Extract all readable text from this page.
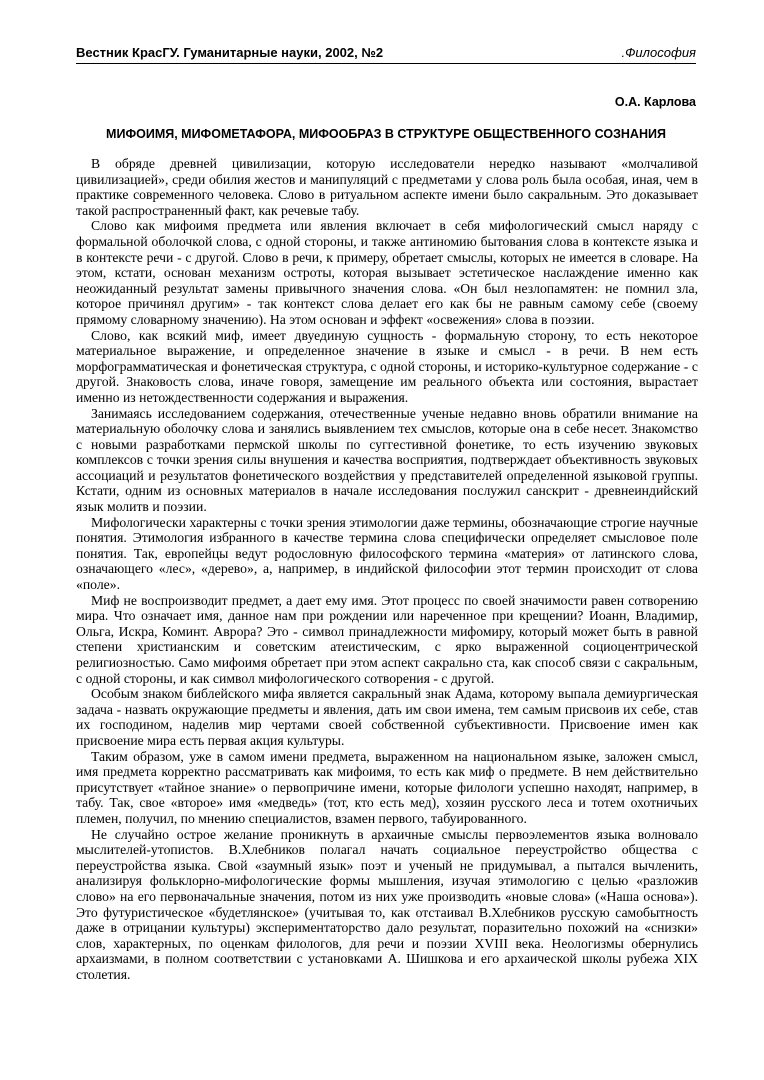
Вестник КрасГУ. Гуманитарные науки, 2002, №2	.Философия
О.А. Карлова
МИФОИМЯ, МИФОМЕТАФОРА, МИФООБРАЗ В СТРУКТУРЕ ОБЩЕСТВЕННОГО СОЗНАНИЯ

В обряде древней цивилизации, которую исследователи нередко называют «молчаливой цивилизацией», среди обилия жестов и манипуляций с предметами у слова роль была особая, иная, чем в практике современного человека. Слово в ритуальном аспекте имени было сакральным. Это доказывает такой распространенный факт, как речевые табу.

Слово как мифоимя предмета или явления включает в себя мифологический смысл наряду с формальной оболочкой слова, с одной стороны, и также антиномию бытования слова в контексте языка и в контексте речи - с другой. Слово в речи, к примеру, обретает смыслы, которых не имеется в словаре. На этом, кстати, основан механизм остроты, которая вызывает эстетическое наслаждение именно как неожиданный результат замены привычного значения слова. «Он был незлопамятен: не помнил зла, которое причинял другим» - так контекст слова делает его как бы не равным самому себе (своему прямому словарному значению). На этом основан и эффект «освежения» слова в поэзии.

Слово, как всякий миф, имеет двуединую сущность - формальную сторону, то есть некоторое материальное выражение, и определенное значение в языке и смысл - в речи. В нем есть морфограмматическая и фонетическая структура, с одной стороны, и историко-культурное содержание - с другой. Знаковость слова, иначе говоря, замещение им реального объекта или состояния, вырастает именно из нетождественности содержания и выражения.

Занимаясь исследованием содержания, отечественные ученые недавно вновь обратили внимание на материальную оболочку слова и занялись выявлением тех смыслов, которые она в себе несет. Знакомство с новыми разработками пермской школы по суггестивной фонетике, то есть изучению звуковых комплексов с точки зрения силы внушения и качества восприятия, подтверждает объективность звуковых ассоциаций и результатов фонетического воздействия у представителей определенной языковой группы. Кстати, одним из основных материалов в начале исследования послужил санскрит - древнеиндийский язык молитв и поэзии.

Мифологически характерны с точки зрения этимологии даже термины, обозначающие строгие научные понятия. Этимология избранного в качестве термина слова специфически определяет смысловое поле понятия. Так, европейцы ведут родословную философского термина «материя» от латинского слова, означающего «лес», «дерево», а, например, в индийской философии этот термин происходит от слова «поле».

Миф не воспроизводит предмет, а дает ему имя. Этот процесс по своей значимости равен сотворению мира. Что означает имя, данное нам при рождении или нареченное при крещении? Иоанн, Владимир, Ольга, Искра, Коминт. Аврора? Это - символ принадлежности мифомиру, который может быть в равной степени христианским и советским атеистическим, с ярко выраженной социоцентрической религиозностью. Само мифоимя обретает при этом аспект сакрально ста, как способ связи с сакральным, с одной стороны, и как символ мифологического сотворения - с другой.

Особым знаком библейского мифа является сакральный знак Адама, которому выпала демиургическая задача - назвать окружающие предметы и явления, дать им свои имена, тем самым присвоив их себе, став их господином, наделив мир чертами своей собственной субъективности. Присвоение имен как присвоение мира есть первая акция культуры.

Таким образом, уже в самом имени предмета, выраженном на национальном языке, заложен смысл, имя предмета корректно рассматривать как мифоимя, то есть как миф о предмете. В нем действительно присутствует «тайное знание» о первопричине имени, которые филологи успешно находят, например, в табу. Так, свое «второе» имя «медведь» (тот, кто есть мед), хозяин русского леса и тотем охотничьих племен, получил, по мнению специалистов, взамен первого, табуированного.

Не случайно острое желание проникнуть в архаичные смыслы первоэлементов языка волновало мыслителей-утопистов. В.Хлебников полагал начать социальное переустройство общества с переустройства языка. Свой «заумный язык» поэт и ученый не придумывал, а пытался вычленить, анализируя фольклорно-мифологические формы мышления, изучая этимологию с целью «разложив слово» на его первоначальные значения, потом из них уже производить «новые слова» («Наша основа»). Это футуристическое «будетлянское» (учитывая то, как отстаивал В.Хлебников русскую самобытность даже в отрицании культуры) экспериментаторство дало результат, поразительно похожий на «снизки» слов, характерных, по оценкам филологов, для речи и поэзии XVIII века. Неологизмы обернулись архаизмами, в полном соответствии с установками А. Шишкова и его архаической школы рубежа XIX столетия.
